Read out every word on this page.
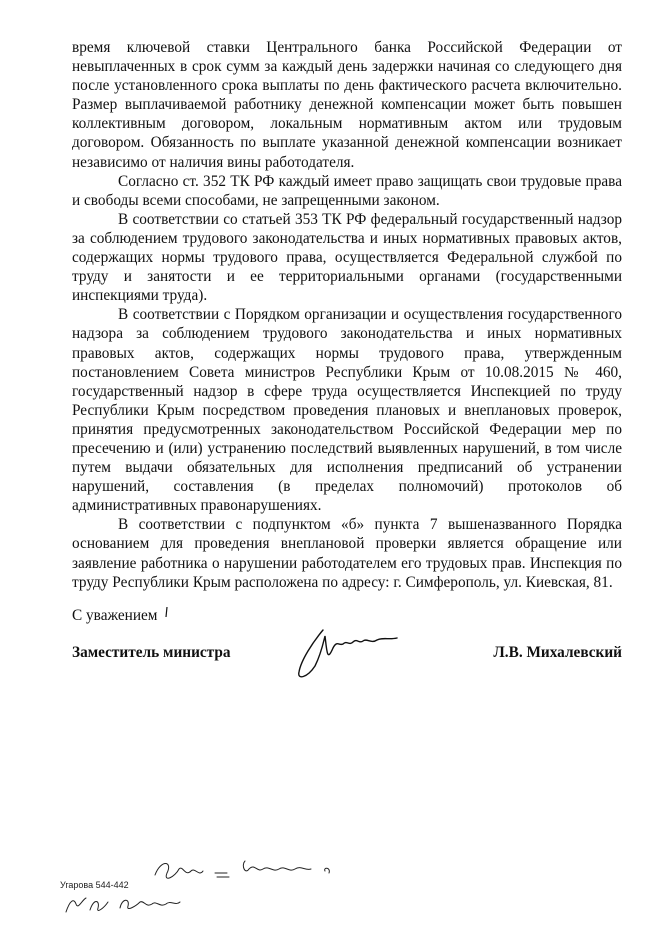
время ключевой ставки Центрального банка Российской Федерации от невыплаченных в срок сумм за каждый день задержки начиная со следующего дня после установленного срока выплаты по день фактического расчета включительно. Размер выплачиваемой работнику денежной компенсации может быть повышен коллективным договором, локальным нормативным актом или трудовым договором. Обязанность по выплате указанной денежной компенсации возникает независимо от наличия вины работодателя.

Согласно ст. 352 ТК РФ каждый имеет право защищать свои трудовые права и свободы всеми способами, не запрещенными законом.

В соответствии со статьей 353 ТК РФ федеральный государственный надзор за соблюдением трудового законодательства и иных нормативных правовых актов, содержащих нормы трудового права, осуществляется Федеральной службой по труду и занятости и ее территориальными органами (государственными инспекциями труда).

В соответствии с Порядком организации и осуществления государственного надзора за соблюдением трудового законодательства и иных нормативных правовых актов, содержащих нормы трудового права, утвержденным постановлением Совета министров Республики Крым от 10.08.2015 № 460, государственный надзор в сфере труда осуществляется Инспекцией по труду Республики Крым посредством проведения плановых и внеплановых проверок, принятия предусмотренных законодательством Российской Федерации мер по пресечению и (или) устранению последствий выявленных нарушений, в том числе путем выдачи обязательных для исполнения предписаний об устранении нарушений, составления (в пределах полномочий) протоколов об административных правонарушениях.

В соответствии с подпунктом «б» пункта 7 вышеназванного Порядка основанием для проведения внеплановой проверки является обращение или заявление работника о нарушении работодателем его трудовых прав. Инспекция по труду Республики Крым расположена по адресу: г. Симферополь, ул. Киевская, 81.

С уважением
Заместитель министра	Л.В. Михалевский
Угарова 544-442
